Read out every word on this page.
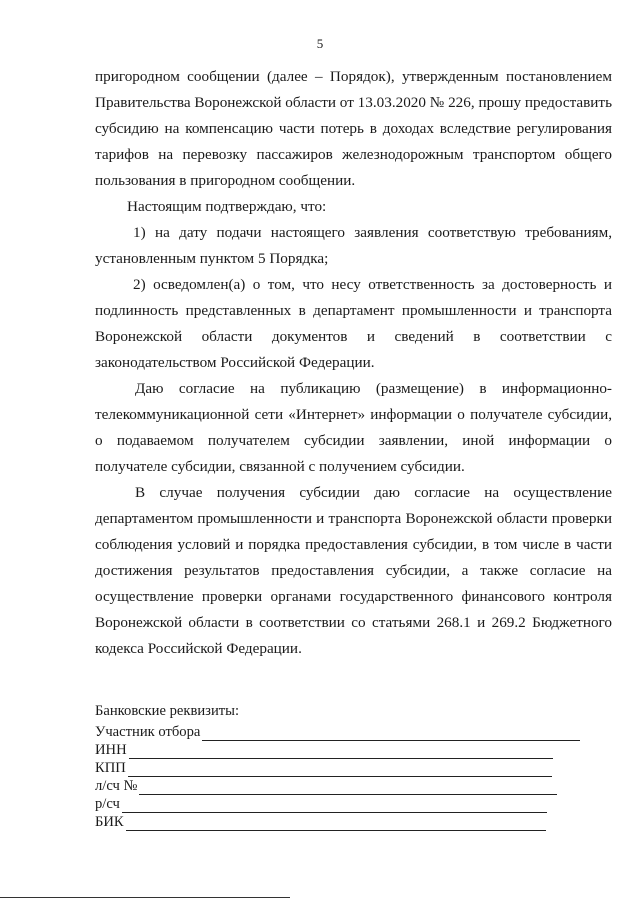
5
пригородном сообщении (далее – Порядок), утвержденным постановлением
Правительства Воронежской области от 13.03.2020 № 226, прошу предоставить
субсидию на компенсацию части потерь в доходах вследствие регулирования
тарифов на перевозку пассажиров железнодорожным транспортом общего
пользования в пригородном сообщении.
Настоящим подтверждаю, что:
1) на дату подачи настоящего заявления соответствую требованиям,
установленным пунктом 5 Порядка;
2) осведомлен(а) о том, что несу ответственность за достоверность и
подлинность представленных в департамент промышленности и транспорта
Воронежской области документов и сведений в соответствии с
законодательством Российской Федерации.
Даю согласие на публикацию (размещение) в информационно-
телекоммуникационной сети «Интернет» информации о получателе субсидии,
о подаваемом получателем субсидии заявлении, иной информации о
получателе субсидии, связанной с получением субсидии.
В случае получения субсидии даю согласие на осуществление
департаментом промышленности и транспорта Воронежской области проверки
соблюдения условий и порядка предоставления субсидии, в том числе в части
достижения результатов предоставления субсидии, а также согласие на
осуществление проверки органами государственного финансового контроля
Воронежской области в соответствии со статьями 268.1 и 269.2 Бюджетного
кодекса Российской Федерации.
Банковские реквизиты:
Участник отбора
ИНН
КПП
л/сч №
р/сч
БИК
